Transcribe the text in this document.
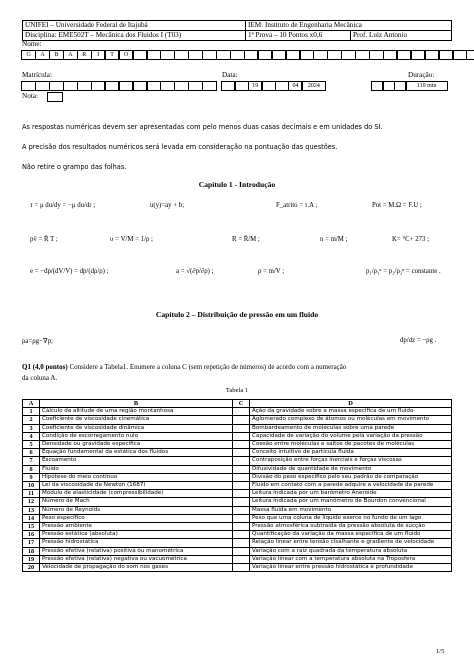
UNIFEI – Universidade Federal de Itajubá	IEM: Instituto de Engenharia Mecânica	
Disciplina: EME502T – Mecânica dos Fluidos I (T03)	1ª Prova – 10 Pontos x0,6	Prof. Luiz Antonio
Nome:
G	A	B	A	R	I	T	O
Matrícula:	Data:
19	04	2024
Duração:
110 min
Nota:
As respostas numéricas devem ser apresentadas com pelo menos duas casas decimais e em unidades do SI.
A precisão dos resultados numéricos será levada em consideração na pontuação das questões.
Não retire o grampo das folhas.
Capítulo 1 - Introdução
τ = μ du/dy = −μ du/dr ;	u(y)=ay + b;	F_atrito = τ.A ;	Pot = M.Ω = F.U ;
pv̄ = R̄ T ;	υ = V/M = 1/ρ ;	R = R̄/M ;	n = m/M ;	K= °C+ 273 ;
e = −dp/(dV/V) = dp/(dρ/ρ) ;	a = √(∂p/∂ρ) ;	ρ = m/V ;	p₁/ρ₁ⁿ = p₂/ρ₂ⁿ = constante .
Capítulo 2 – Distribuição de pressão em um fluido
ρa=ρg−∇p;	dp/dz = −ρg .
Q1 (4,0 pontos) Considere a Tabela1. Enumere a coluna C (sem repetição de números) de acordo com a numeração
da coluna A.
Tabela 1
A	B	C	D
1	Cálculo da altitude de uma região montanhosa		Ação da gravidade sobre a massa específica de um fluido
2	Coeficiente de viscosidade cinemática		Aglomerado complexo de átomos ou moléculas em movimento
3	Coeficiente de viscosidade dinâmica		Bombardeamento de moléculas sobre uma parede
4	Condição de escorregamento nulo		Capacidade de variação do volume pela variação da pressão
5	Densidade ou gravidade específica		Coesão entre moléculas e saltos de pacotes de moléculas
6	Equação fundamental da estática dos fluidos		Conceito intuitivo de partícula fluida
7	Escoamento		Contraposição entre forças inerciais e forças viscosas
8	Fluido		Difusividade de quantidade de movimento
9	Hipótese do meio contínuo		Divisão do peso específico pelo seu padrão de comparação
10	Lei da viscosidade de Newton (1687)		Fluido em contato com a parede adquire a velocidade da parede
11	Módulo de elasticidade (compressibilidade)		Leitura indicada por um barômetro Aneróide
12	Número de Mach		Leitura indicada por um manômetro de Bourdon convencional
13	Número de Reynolds		Massa fluida em movimento
14	Peso específico		Peso que uma coluna de líquido exerce no fundo de um lago
15	Pressão ambiente		Pressão atmosférica subtraída da pressão absoluta de sucção
16	Pressão estática (absoluta)		Quantificação da variação da massa específica de um fluido
17	Pressão hidrostática		Relação linear entre tensão cisalhante e gradiente de velocidade
18	Pressão efetiva (relativa) positiva ou manométrica		Variação com a raiz quadrada da temperatura absoluta
19	Pressão efetiva (relativa) negativa ou vacuométrica		Variação linear com a temperatura absoluta na Troposfera
20	Velocidade de propagação do som nos gases		Variação linear entre pressão hidrostática e profundidade
1/5
